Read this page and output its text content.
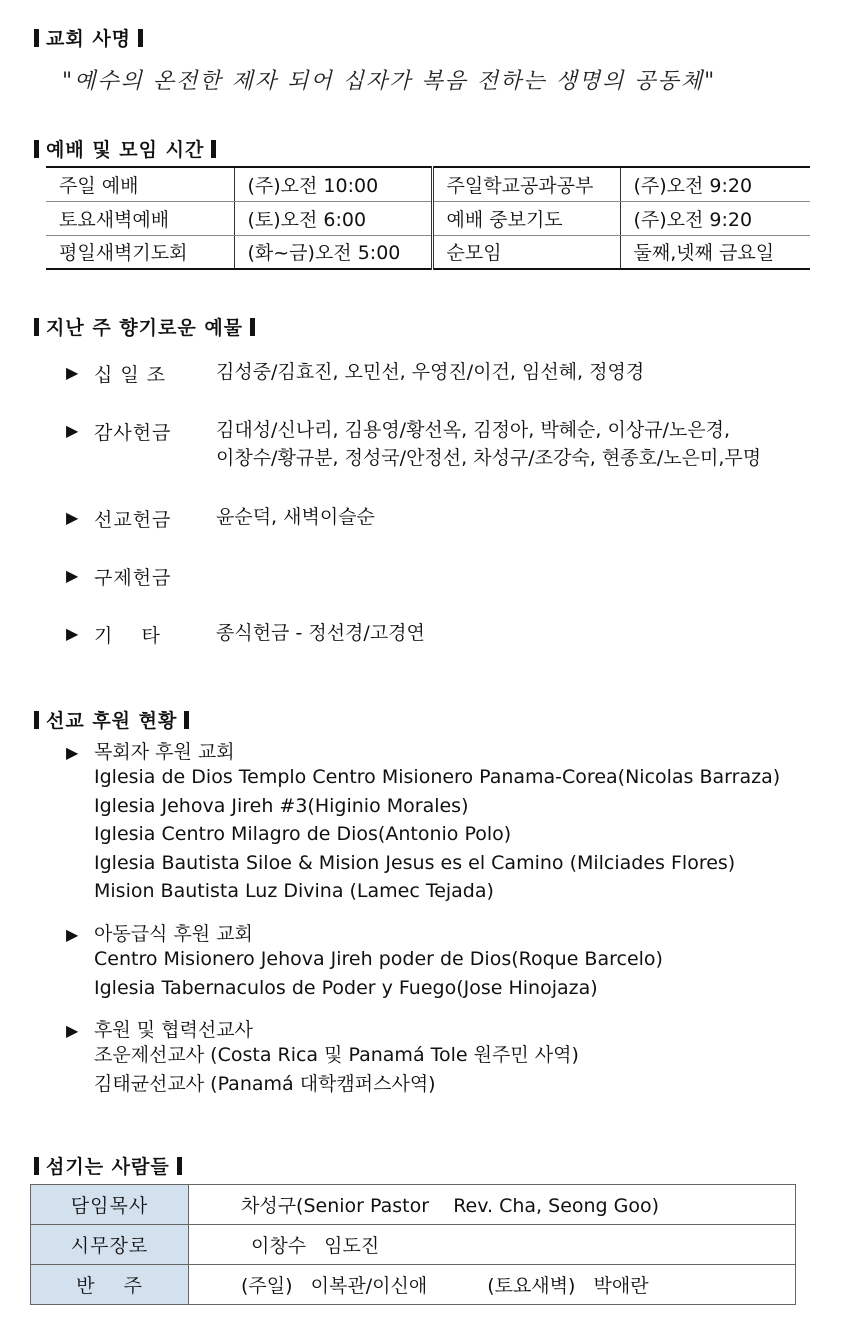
교회 사명
"예수의 온전한 제자 되어 십자가 복음 전하는 생명의 공동체"
예배 및 모임 시간
주일 예배	(주)오전 10:00	주일학교공과공부	(주)오전 9:20
토요새벽예배	(토)오전 6:00	예배 중보기도	(주)오전 9:20
평일새벽기도회	(화~금)오전 5:00	순모임	둘째,넷째 금요일
지난 주 향기로운 예물
▶ 십 일 조	김성중/김효진, 오민선, 우영진/이건, 임선혜, 정영경
▶ 감사헌금	김대성/신나리, 김용영/황선옥, 김정아, 박혜순, 이상규/노은경,
이창수/황규분, 정성국/안정선, 차성구/조강숙, 현종호/노은미,무명
▶ 선교헌금	윤순덕, 새벽이슬순
▶ 구제헌금
▶ 기    타	종식헌금 - 정선경/고경연
선교 후원 현황
▶ 목회자 후원 교회
Iglesia de Dios Templo Centro Misionero Panama-Corea(Nicolas Barraza)
Iglesia Jehova Jireh #3(Higinio Morales)
Iglesia Centro Milagro de Dios(Antonio Polo)
Iglesia Bautista Siloe & Mision Jesus es el Camino (Milciades Flores)
Mision Bautista Luz Divina (Lamec Tejada)
▶ 아동급식 후원 교회
Centro Misionero Jehova Jireh poder de Dios(Roque Barcelo)
Iglesia Tabernaculos de Poder y Fuego(Jose Hinojaza)
▶ 후원 및 협력선교사
조운제선교사 (Costa Rica 및 Panamá Tole 원주민 사역)
김태균선교사 (Panamá 대학캠퍼스사역)
섬기는 사람들
담임목사	차성구(Senior Pastor    Rev. Cha, Seong Goo)
시무장로	이창수   임도진
반    주	(주일)   이복관/이신애 (토요새벽)   박애란
